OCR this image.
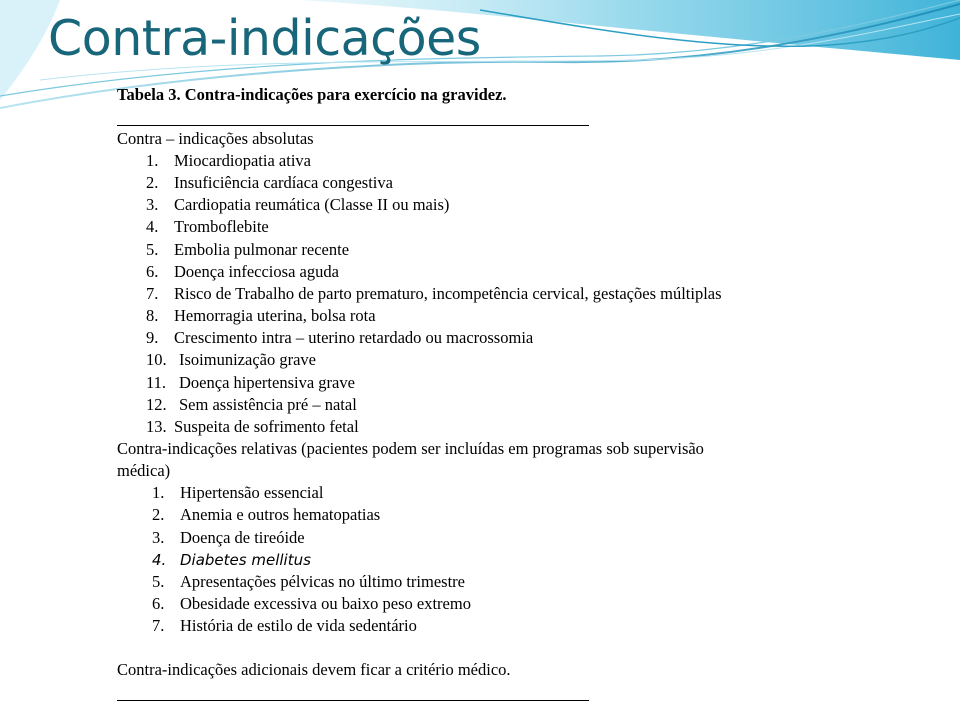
Contra-indicações
Tabela 3. Contra-indicações para exercício na gravidez.
Contra – indicações absolutas
1. Miocardiopatia ativa
2. Insuficiência cardíaca congestiva
3. Cardiopatia reumática (Classe II ou mais)
4. Tromboflebite
5. Embolia pulmonar recente
6. Doença infecciosa aguda
7. Risco de Trabalho de parto prematuro, incompetência cervical, gestações múltiplas
8. Hemorragia uterina, bolsa rota
9. Crescimento intra – uterino retardado ou macrossomia
10. Isoimunização grave
11. Doença hipertensiva grave
12. Sem assistência pré – natal
13. Suspeita de sofrimento fetal
Contra-indicações relativas (pacientes podem ser incluídas em programas sob supervisão
médica)
1. Hipertensão essencial
2. Anemia e outros hematopatias
3. Doença de tireóide
4. Diabetes mellitus
5. Apresentações pélvicas no último trimestre
6. Obesidade excessiva ou baixo peso extremo
7. História de estilo de vida sedentário
Contra-indicações adicionais devem ficar a critério médico.
